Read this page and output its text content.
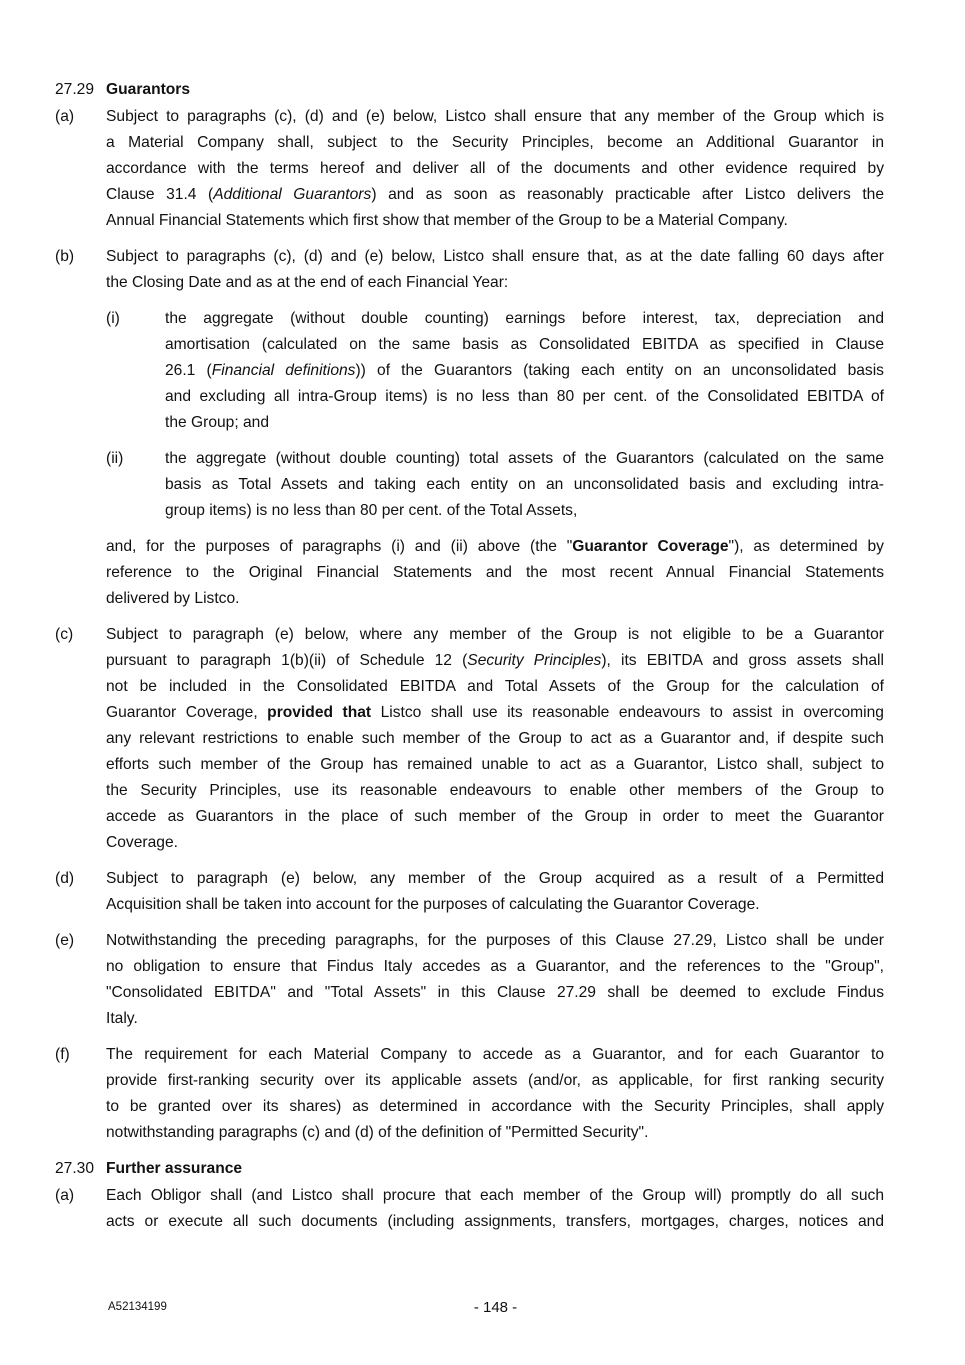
27.29 Guarantors
(a) Subject to paragraphs (c), (d) and (e) below, Listco shall ensure that any member of the Group which is
a Material Company shall, subject to the Security Principles, become an Additional Guarantor in
accordance with the terms hereof and deliver all of the documents and other evidence required by
Clause 31.4 (Additional Guarantors) and as soon as reasonably practicable after Listco delivers the
Annual Financial Statements which first show that member of the Group to be a Material Company.
(b) Subject to paragraphs (c), (d) and (e) below, Listco shall ensure that, as at the date falling 60 days after
the Closing Date and as at the end of each Financial Year:
(i)	the aggregate (without double counting) earnings before interest, tax, depreciation and
amortisation (calculated on the same basis as Consolidated EBITDA as specified in Clause
26.1 (Financial definitions)) of the Guarantors (taking each entity on an unconsolidated basis
and excluding all intra-Group items) is no less than 80 per cent. of the Consolidated EBITDA of
the Group; and
(ii)	the aggregate (without double counting) total assets of the Guarantors (calculated on the same
basis as Total Assets and taking each entity on an unconsolidated basis and excluding intra-
group items) is no less than 80 per cent. of the Total Assets,
and, for the purposes of paragraphs (i) and (ii) above (the "Guarantor Coverage"), as determined by
reference to the Original Financial Statements and the most recent Annual Financial Statements
delivered by Listco.
(c) Subject to paragraph (e) below, where any member of the Group is not eligible to be a Guarantor
pursuant to paragraph 1(b)(ii) of Schedule 12 (Security Principles), its EBITDA and gross assets shall
not be included in the Consolidated EBITDA and Total Assets of the Group for the calculation of
Guarantor Coverage, provided that Listco shall use its reasonable endeavours to assist in overcoming
any relevant restrictions to enable such member of the Group to act as a Guarantor and, if despite such
efforts such member of the Group has remained unable to act as a Guarantor, Listco shall, subject to
the Security Principles, use its reasonable endeavours to enable other members of the Group to
accede as Guarantors in the place of such member of the Group in order to meet the Guarantor
Coverage.
(d) Subject to paragraph (e) below, any member of the Group acquired as a result of a Permitted
Acquisition shall be taken into account for the purposes of calculating the Guarantor Coverage.
(e) Notwithstanding the preceding paragraphs, for the purposes of this Clause 27.29, Listco shall be under
no obligation to ensure that Findus Italy accedes as a Guarantor, and the references to the "Group",
"Consolidated EBITDA" and "Total Assets" in this Clause 27.29 shall be deemed to exclude Findus
Italy.
(f) The requirement for each Material Company to accede as a Guarantor, and for each Guarantor to
provide first-ranking security over its applicable assets (and/or, as applicable, for first ranking security
to be granted over its shares) as determined in accordance with the Security Principles, shall apply
notwithstanding paragraphs (c) and (d) of the definition of "Permitted Security".
27.30 Further assurance
(a) Each Obligor shall (and Listco shall procure that each member of the Group will) promptly do all such
acts or execute all such documents (including assignments, transfers, mortgages, charges, notices and
A52134199	- 148 -
